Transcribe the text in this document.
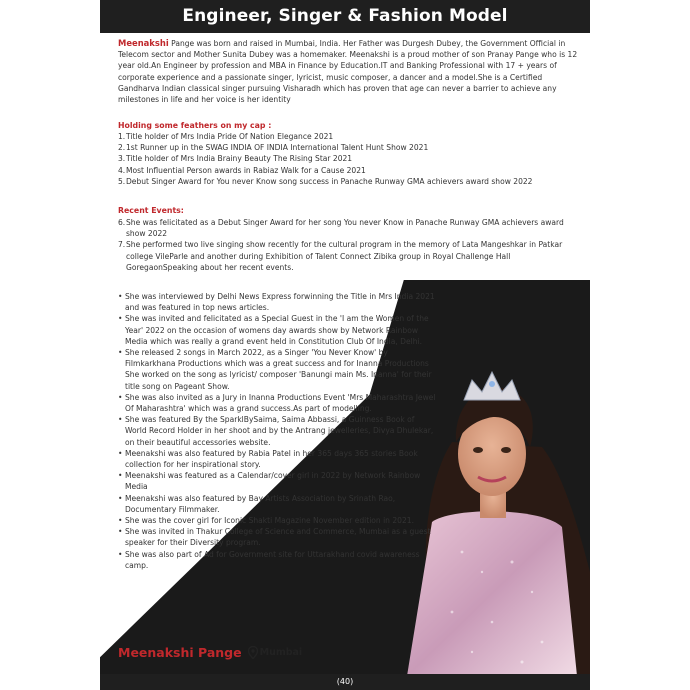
Engineer, Singer & Fashion Model

Meenakshi Pange was born and raised in Mumbai, India. Her Father was Durgesh Dubey, the Government Official in Telecom sector and Mother Sunita Dubey was a homemaker. Meenakshi is a proud mother of son Pranay Pange who is 12 year old.An Engineer by profession and MBA in Finance by Education.IT and Banking Professional with 17 + years of corporate experience and a passionate singer, lyricist, music composer, a dancer and a model.She is a Certified Gandharva Indian classical singer pursuing Visharadh which has proven that age can never a barrier to achieve any milestones in life and her voice is her identity

Holding some feathers on my cap :
1. Title holder of Mrs India Pride Of Nation Elegance 2021
2. 1st Runner up in the SWAG INDIA OF INDIA International Talent Hunt Show 2021
3. Title holder of Mrs India Brainy Beauty The Rising Star 2021
4. Most Influential Person awards in Rabiaz Walk for a Cause 2021
5. Debut Singer Award for You never Know song success in Panache Runway GMA achievers award show 2022
Recent Events:
6. She was felicitated as a Debut Singer Award for her song You never Know in Panache Runway GMA achievers award show 2022
7. She performed two live singing show recently for the cultural program in the memory of Lata Mangeshkar in Patkar college VileParle and another during Exhibition of Talent Connect Zibika group in Royal Challenge Hall GoregaonSpeaking about her recent events.
• She was interviewed by Delhi News Express forwinning the Title in Mrs India 2021 and was featured in top news articles.
• She was invited and felicitated as a Special Guest in the 'I am the Women of the Year' 2022 on the occasion of womens day awards show by Network Rainbow Media which was really a grand event held in Constitution Club Of India, Delhi.
• She released 2 songs in March 2022, as a Singer 'You Never Know' by Filmkarkhana Productions which was a great success and for Inanna Productions She worked on the song as lyricist/ composer 'Banungi main Ms. Inanna' for their title song on Pageant Show.
• She was also invited as a Jury in Inanna Productions Event 'Mrs Maharashtra Jewel Of Maharashtra' which was a grand success.As part of modelling.
• She was featured By the SparklBySaima, Saima Abbassi, a Guinness Book of World Record Holder in her shoot and by the Antrang jewelleries, Divya Dhulekar, on their beautiful accessories website.
• Meenakshi was also featured by Rabia Patel in her 365 days 365 stories Book collection for her inspirational story.
• Meenakshi was featured as a Calendar/cover girl in 2022 by Network Rainbow Media
• Meenakshi was also featured by Bay Artists Association by Srinath Rao, Documentary Filmmaker.
• She was the cover girl for Iconic Shakti Magazine November edition in 2021.
• She was invited in Thakur College of Science and Commerce, Mumbai as a guest speaker for their Diversity program.
• She was also part of Ad for Government site for Uttarakhand covid awareness camp.
Meenakshi Pange Mumbai
(40)
